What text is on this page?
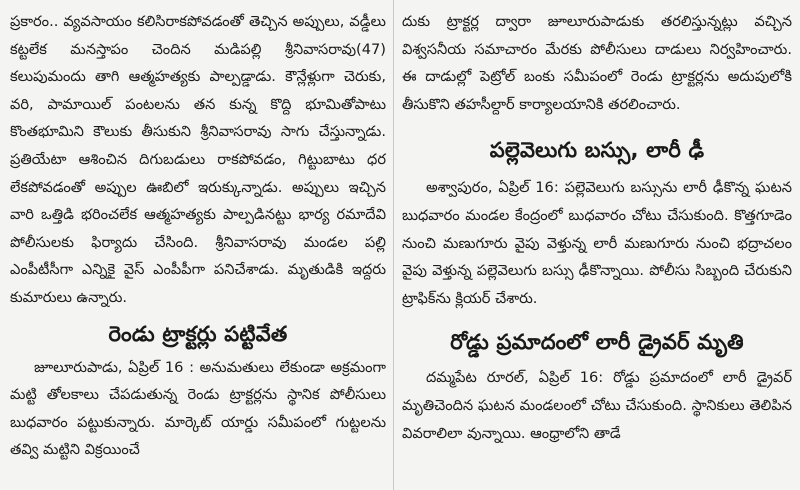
ప్రకారం.. వ్యవసాయం కలిసిరాకపోవడంతో తెచ్చిన అప్పులు, వడ్డీలు కట్టలేక మనస్తాపం చెందిన మడిపల్లి శ్రీనివాసరావు(47) కలుపుమందు తాగి ఆత్మహత్యకు పాల్పడ్డాడు. కౌన్లేళ్లుగా చెరుకు, వరి, పామాయిల్ పంటలను తన కున్న కొద్ది భూమితోపాటు కొంతభూమిని కౌలుకు తీసుకుని శ్రీనివాసరావు సాగు చేస్తున్నాడు. ప్రతియేటా ఆశించిన దిగుబడులు రాకపోవడం, గిట్టుబాటు ధర లేకపోవడంతో అప్పుల ఊబిలో ఇరుక్కున్నాడు. అప్పులు ఇచ్చిన వారి ఒత్తిడి భరించలేక ఆత్మహత్యకు పాల్పడినట్టు భార్య రమాదేవి పోలీసులకు ఫిర్యాదు చేసింది. శ్రీనివాసరావు మండల పల్లి ఎంపీటీసీగా ఎన్నికై వైస్ ఎంపీపీగా పనిచేశాడు. మృతుడికి ఇద్దరు కుమారులు ఉన్నారు.

రెండు ట్రాక్టర్లు పట్టివేత

జూలూరుపాడు, ఏప్రిల్ 16 : అనుమతులు లేకుండా అక్రమంగా మట్టి తోలకాలు చేపడుతున్న రెండు ట్రాక్టర్లను స్థానిక పోలీసులు బుధవారం పట్టుకున్నారు. మార్కెట్ యార్డు సమీపంలో గుట్టలను తవ్వి మట్టిని విక్రయించే

దుకు ట్రాక్టర్ల ద్వారా జూలూరుపాడుకు తరలిస్తున్నట్లు వచ్చిన విశ్వసనీయ సమాచారం మేరకు పోలీసులు దాడులు నిర్వహించారు. ఈ దాడుల్లో పెట్రోల్ బంకు సమీపంలో రెండు ట్రాక్టర్లను అదుపులోకి తీసుకొని తహసీల్దార్ కార్యాలయానికి తరలించారు.

పల్లెవెలుగు బస్సు, లారీ ఢీ

అశ్వాపురం, ఏప్రిల్ 16: పల్లెవెలుగు బస్సును లారీ ఢీకొన్న ఘటన బుధవారం మండల కేంద్రంలో బుధవారం చోటు చేసుకుంది. కొత్తగూడెం నుంచి మణుగూరు వైపు వెళ్తున్న లారీ మణుగూరు నుంచి భద్రాచలం వైపు వెళ్తున్న పల్లెవెలుగు బస్సు ఢీకొన్నాయి. పోలీసు సిబ్బంది చేరుకుని ట్రాఫిక్‌ను క్లియర్ చేశారు.

రోడ్డు ప్రమాదంలో లారీ డ్రైవర్ మృతి

దమ్మపేట రూరల్, ఏప్రిల్ 16: రోడ్డు ప్రమాదంలో లారీ డ్రైవర్ మృతిచెందిన ఘటన మండలంలో చోటు చేసుకుంది. స్థానికులు తెలిపిన వివరాలిలా వున్నాయి. ఆంధ్రాలోని తాడే
